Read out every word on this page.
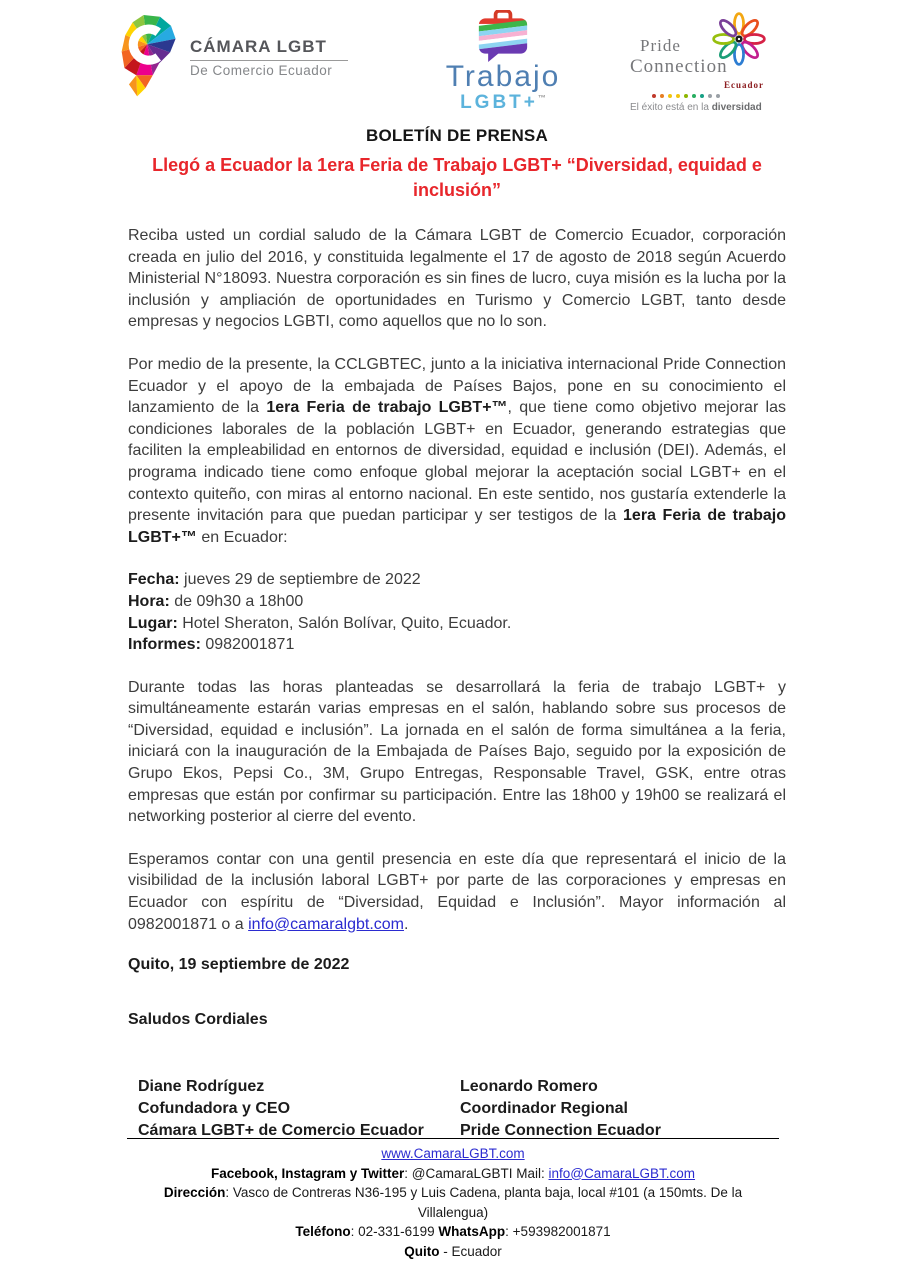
CÁMARA LGBT
De Comercio Ecuador	Trabajo
LGBT+™
Pride
Connection
Ecuador
El éxito está en la diversidad
BOLETÍN DE PRENSA
Llegó a Ecuador la 1era Feria de Trabajo LGBT+ “Diversidad, equidad e inclusión”

Reciba usted un cordial saludo de la Cámara LGBT de Comercio Ecuador, corporación creada en julio del 2016, y constituida legalmente el 17 de agosto de 2018 según Acuerdo Ministerial N°18093. Nuestra corporación es sin fines de lucro, cuya misión es la lucha por la inclusión y ampliación de oportunidades en Turismo y Comercio LGBT, tanto desde empresas y negocios LGBTI, como aquellos que no lo son.

Por medio de la presente, la CCLGBTEC, junto a la iniciativa internacional Pride Connection Ecuador y el apoyo de la embajada de Países Bajos, pone en su conocimiento el lanzamiento de la 1era Feria de trabajo LGBT+™, que tiene como objetivo mejorar las condiciones laborales de la población LGBT+ en Ecuador, generando estrategias que faciliten la empleabilidad en entornos de diversidad, equidad e inclusión (DEI). Además, el programa indicado tiene como enfoque global mejorar la aceptación social LGBT+ en el contexto quiteño, con miras al entorno nacional. En este sentido, nos gustaría extenderle la presente invitación para que puedan participar y ser testigos de la 1era Feria de trabajo LGBT+™ en Ecuador:

Fecha: jueves 29 de septiembre de 2022
Hora: de 09h30 a 18h00
Lugar: Hotel Sheraton, Salón Bolívar, Quito, Ecuador.
Informes: 0982001871

Durante todas las horas planteadas se desarrollará la feria de trabajo LGBT+ y simultáneamente estarán varias empresas en el salón, hablando sobre sus procesos de “Diversidad, equidad e inclusión”. La jornada en el salón de forma simultánea a la feria, iniciará con la inauguración de la Embajada de Países Bajo, seguido por la exposición de Grupo Ekos, Pepsi Co., 3M, Grupo Entregas, Responsable Travel, GSK, entre otras empresas que están por confirmar su participación. Entre las 18h00 y 19h00 se realizará el networking posterior al cierre del evento.

Esperamos contar con una gentil presencia en este día que representará el inicio de la visibilidad de la inclusión laboral LGBT+ por parte de las corporaciones y empresas en Ecuador con espíritu de “Diversidad, Equidad e Inclusión”. Mayor información al 0982001871 o a info@camaralgbt.com.

Quito, 19 septiembre de 2022
Saludos Cordiales
Diane Rodríguez
Cofundadora y CEO
Cámara LGBT+ de Comercio Ecuador
Leonardo Romero
Coordinador Regional
Pride Connection Ecuador
www.CamaraLGBT.com
Facebook, Instagram y Twitter: @CamaraLGBTI Mail: info@CamaraLGBT.com
Dirección: Vasco de Contreras N36-195 y Luis Cadena, planta baja, local #101 (a 150mts. De la Villalengua)
Teléfono: 02-331-6199 WhatsApp: +593982001871
Quito - Ecuador
